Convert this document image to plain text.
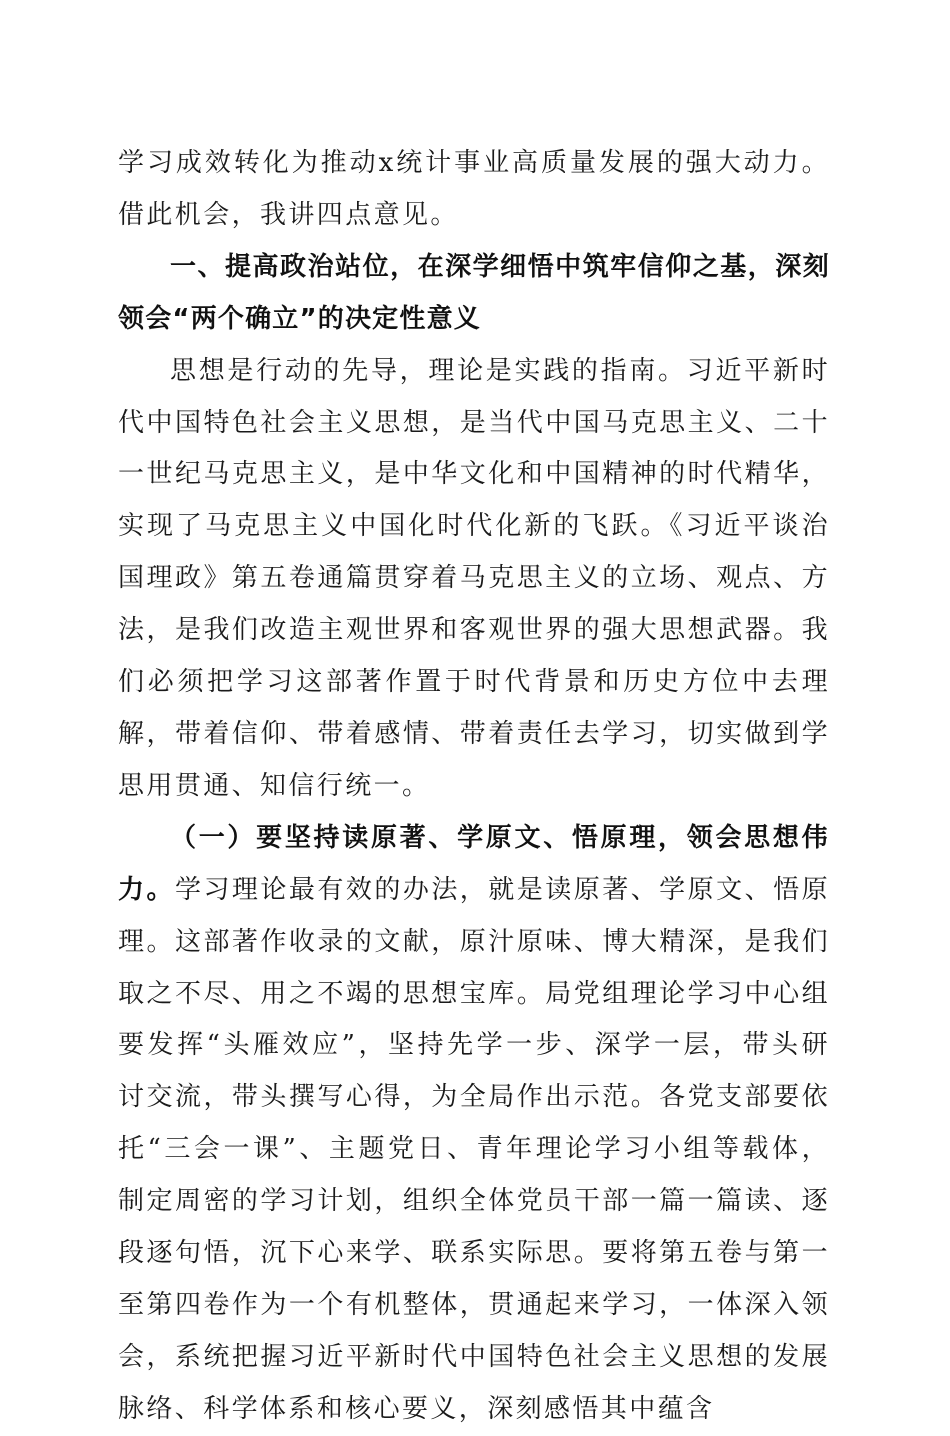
学习成效转化为推动x统计事业高质量发展的强大动力。借此机会，我讲四点意见。

一、提高政治站位，在深学细悟中筑牢信仰之基，深刻领会“两个确立”的决定性意义

思想是行动的先导，理论是实践的指南。习近平新时代中国特色社会主义思想，是当代中国马克思主义、二十一世纪马克思主义，是中华文化和中国精神的时代精华，实现了马克思主义中国化时代化新的飞跃。《习近平谈治国理政》第五卷通篇贯穿着马克思主义的立场、观点、方法，是我们改造主观世界和客观世界的强大思想武器。我们必须把学习这部著作置于时代背景和历史方位中去理解，带着信仰、带着感情、带着责任去学习，切实做到学思用贯通、知信行统一。

（一）要坚持读原著、学原文、悟原理，领会思想伟力。学习理论最有效的办法，就是读原著、学原文、悟原理。这部著作收录的文献，原汁原味、博大精深，是我们取之不尽、用之不竭的思想宝库。局党组理论学习中心组要发挥“头雁效应”，坚持先学一步、深学一层，带头研讨交流，带头撰写心得，为全局作出示范。各党支部要依托“三会一课”、主题党日、青年理论学习小组等载体，制定周密的学习计划，组织全体党员干部一篇一篇读、逐段逐句悟，沉下心来学、联系实际思。要将第五卷与第一至第四卷作为一个有机整体，贯通起来学习，一体深入领会，系统把握习近平新时代中国特色社会主义思想的发展脉络、科学体系和核心要义，深刻感悟其中蕴含
